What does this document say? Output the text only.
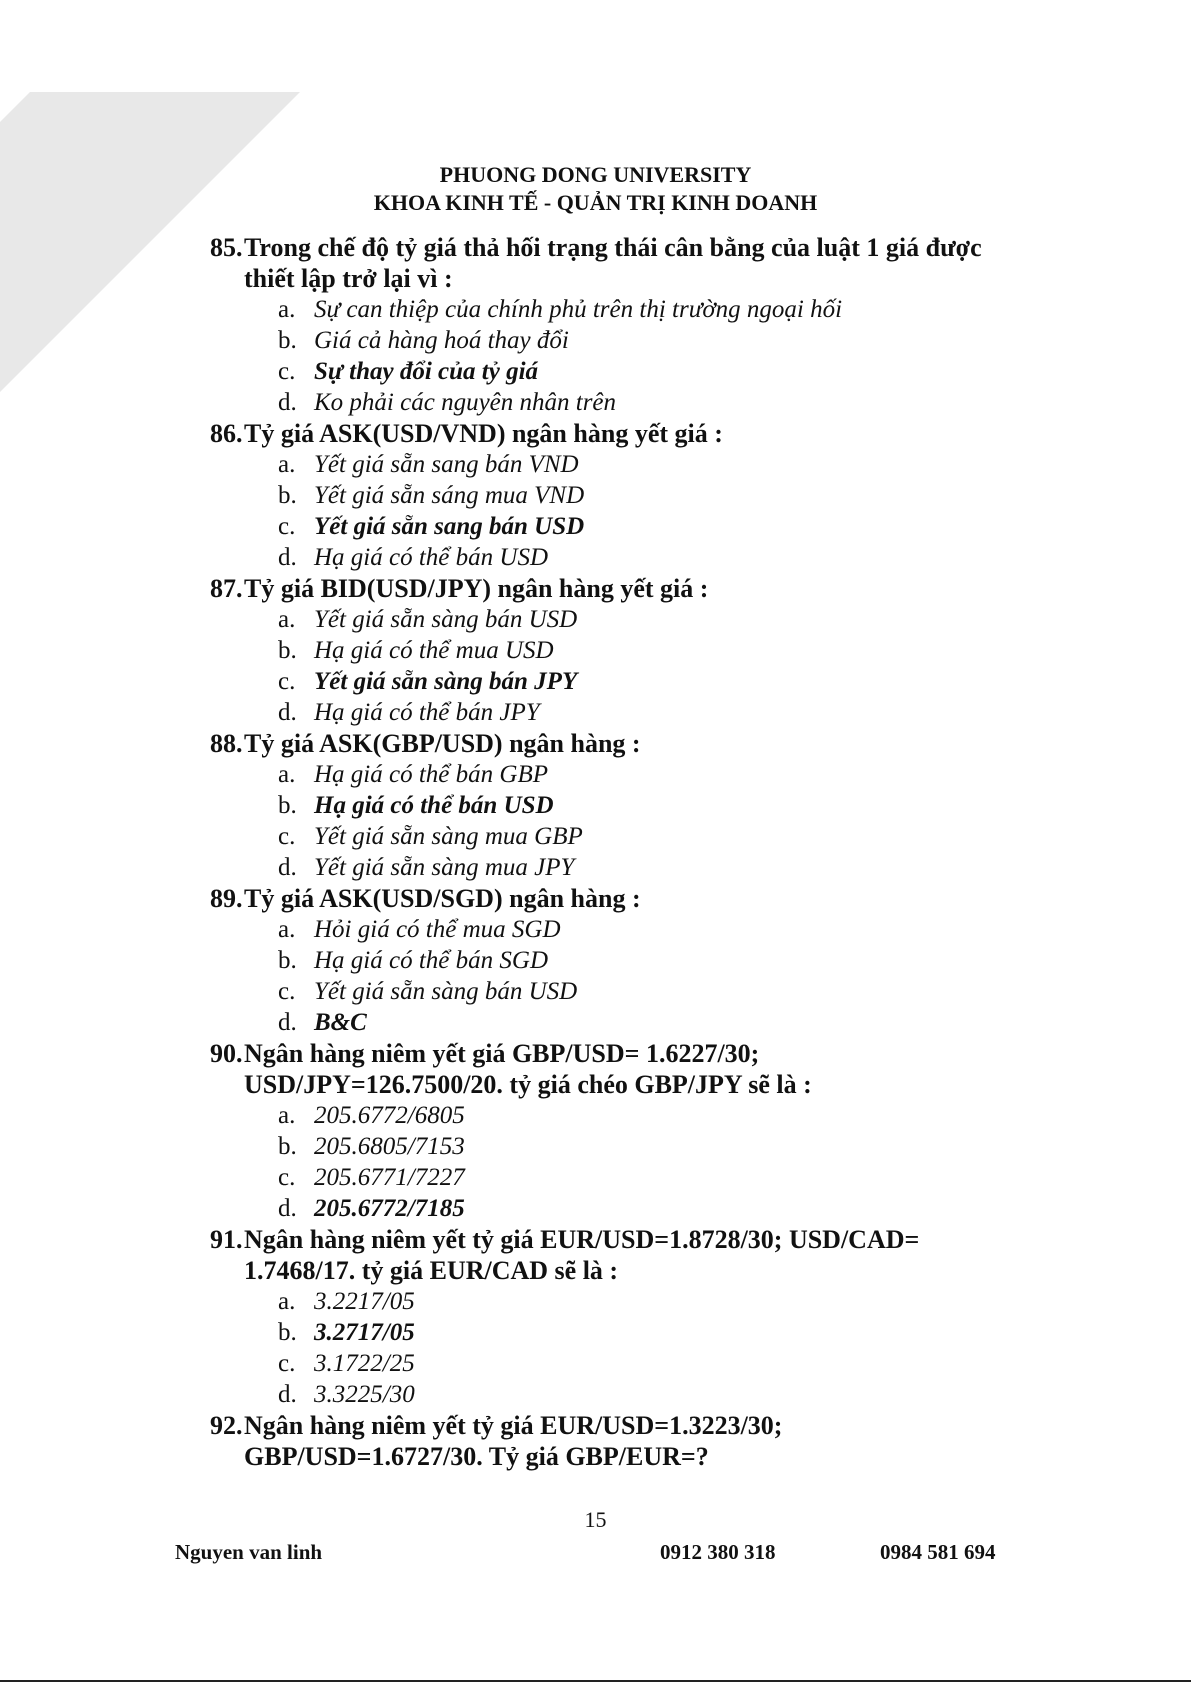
PHUONG DONG UNIVERSITY
KHOA KINH TẾ - QUẢN TRỊ KINH DOANH
85. Trong chế độ tỷ giá thả hối trạng thái cân bằng của luật 1 giá được thiết lập trở lại vì :
a. Sự can thiệp của chính phủ trên thị trường ngoại hối
b. Giá cả hàng hoá thay đổi
c. Sự thay đổi của tỷ giá
d. Ko phải các nguyên nhân trên
86. Tỷ giá ASK(USD/VND) ngân hàng yết giá :
a. Yết giá sẵn sang bán VND
b. Yết giá sẵn sáng mua VND
c. Yết giá sẵn sang bán USD
d. Hạ giá có thể bán USD
87. Tỷ giá BID(USD/JPY) ngân hàng yết giá :
a. Yết giá sẵn sàng bán USD
b. Hạ giá có thể mua USD
c. Yết giá sẵn sàng bán JPY
d. Hạ giá có thể bán JPY
88. Tỷ giá ASK(GBP/USD) ngân hàng :
a. Hạ giá có thể bán GBP
b. Hạ giá có thể bán USD
c. Yết giá sẵn sàng mua GBP
d. Yết giá sẵn sàng mua JPY
89. Tỷ giá ASK(USD/SGD) ngân hàng :
a. Hỏi giá có thể mua SGD
b. Hạ giá có thể bán SGD
c. Yết giá sẵn sàng bán USD
d. B&C
90. Ngân hàng niêm yết giá GBP/USD= 1.6227/30; USD/JPY=126.7500/20. tỷ giá chéo GBP/JPY sẽ là :
a. 205.6772/6805
b. 205.6805/7153
c. 205.6771/7227
d. 205.6772/7185
91. Ngân hàng niêm yết tỷ giá EUR/USD=1.8728/30; USD/CAD= 1.7468/17. tỷ giá EUR/CAD sẽ là :
a. 3.2217/05
b. 3.2717/05
c. 3.1722/25
d. 3.3225/30
92. Ngân hàng niêm yết tỷ giá EUR/USD=1.3223/30; GBP/USD=1.6727/30. Tỷ giá GBP/EUR=?
15
Nguyen van linh	0912 380 318	0984 581 694
